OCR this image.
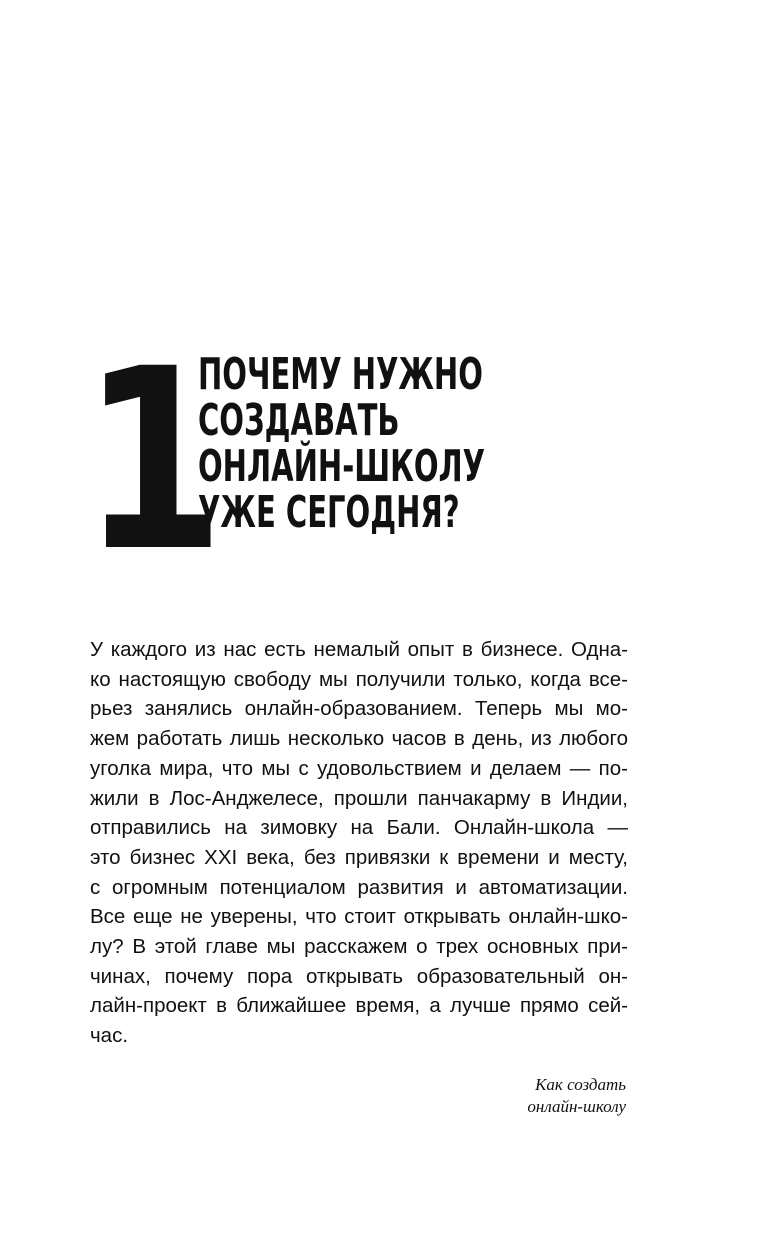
1
ПОЧЕМУ НУЖНО
СОЗДАВАТЬ
ОНЛАЙН-ШКОЛУ
УЖЕ СЕГОДНЯ?
У каждого из нас есть немалый опыт в бизнесе. Одна-
ко настоящую свободу мы получили только, когда все-
рьез занялись онлайн-образованием. Теперь мы мо-
жем работать лишь несколько часов в день, из любого
уголка мира, что мы с удовольствием и делаем — по-
жили в Лос-Анджелесе, прошли панчакарму в Индии,
отправились на зимовку на Бали. Онлайн-школа —
это бизнес XXI века, без привязки к времени и месту,
с огромным потенциалом развития и автоматизации.
Все еще не уверены, что стоит открывать онлайн-шко-
лу? В этой главе мы расскажем о трех основных при-
чинах, почему пора открывать образовательный он-
лайн-проект в ближайшее время, а лучше прямо сей-
час.
Как создать
онлайн-школу
